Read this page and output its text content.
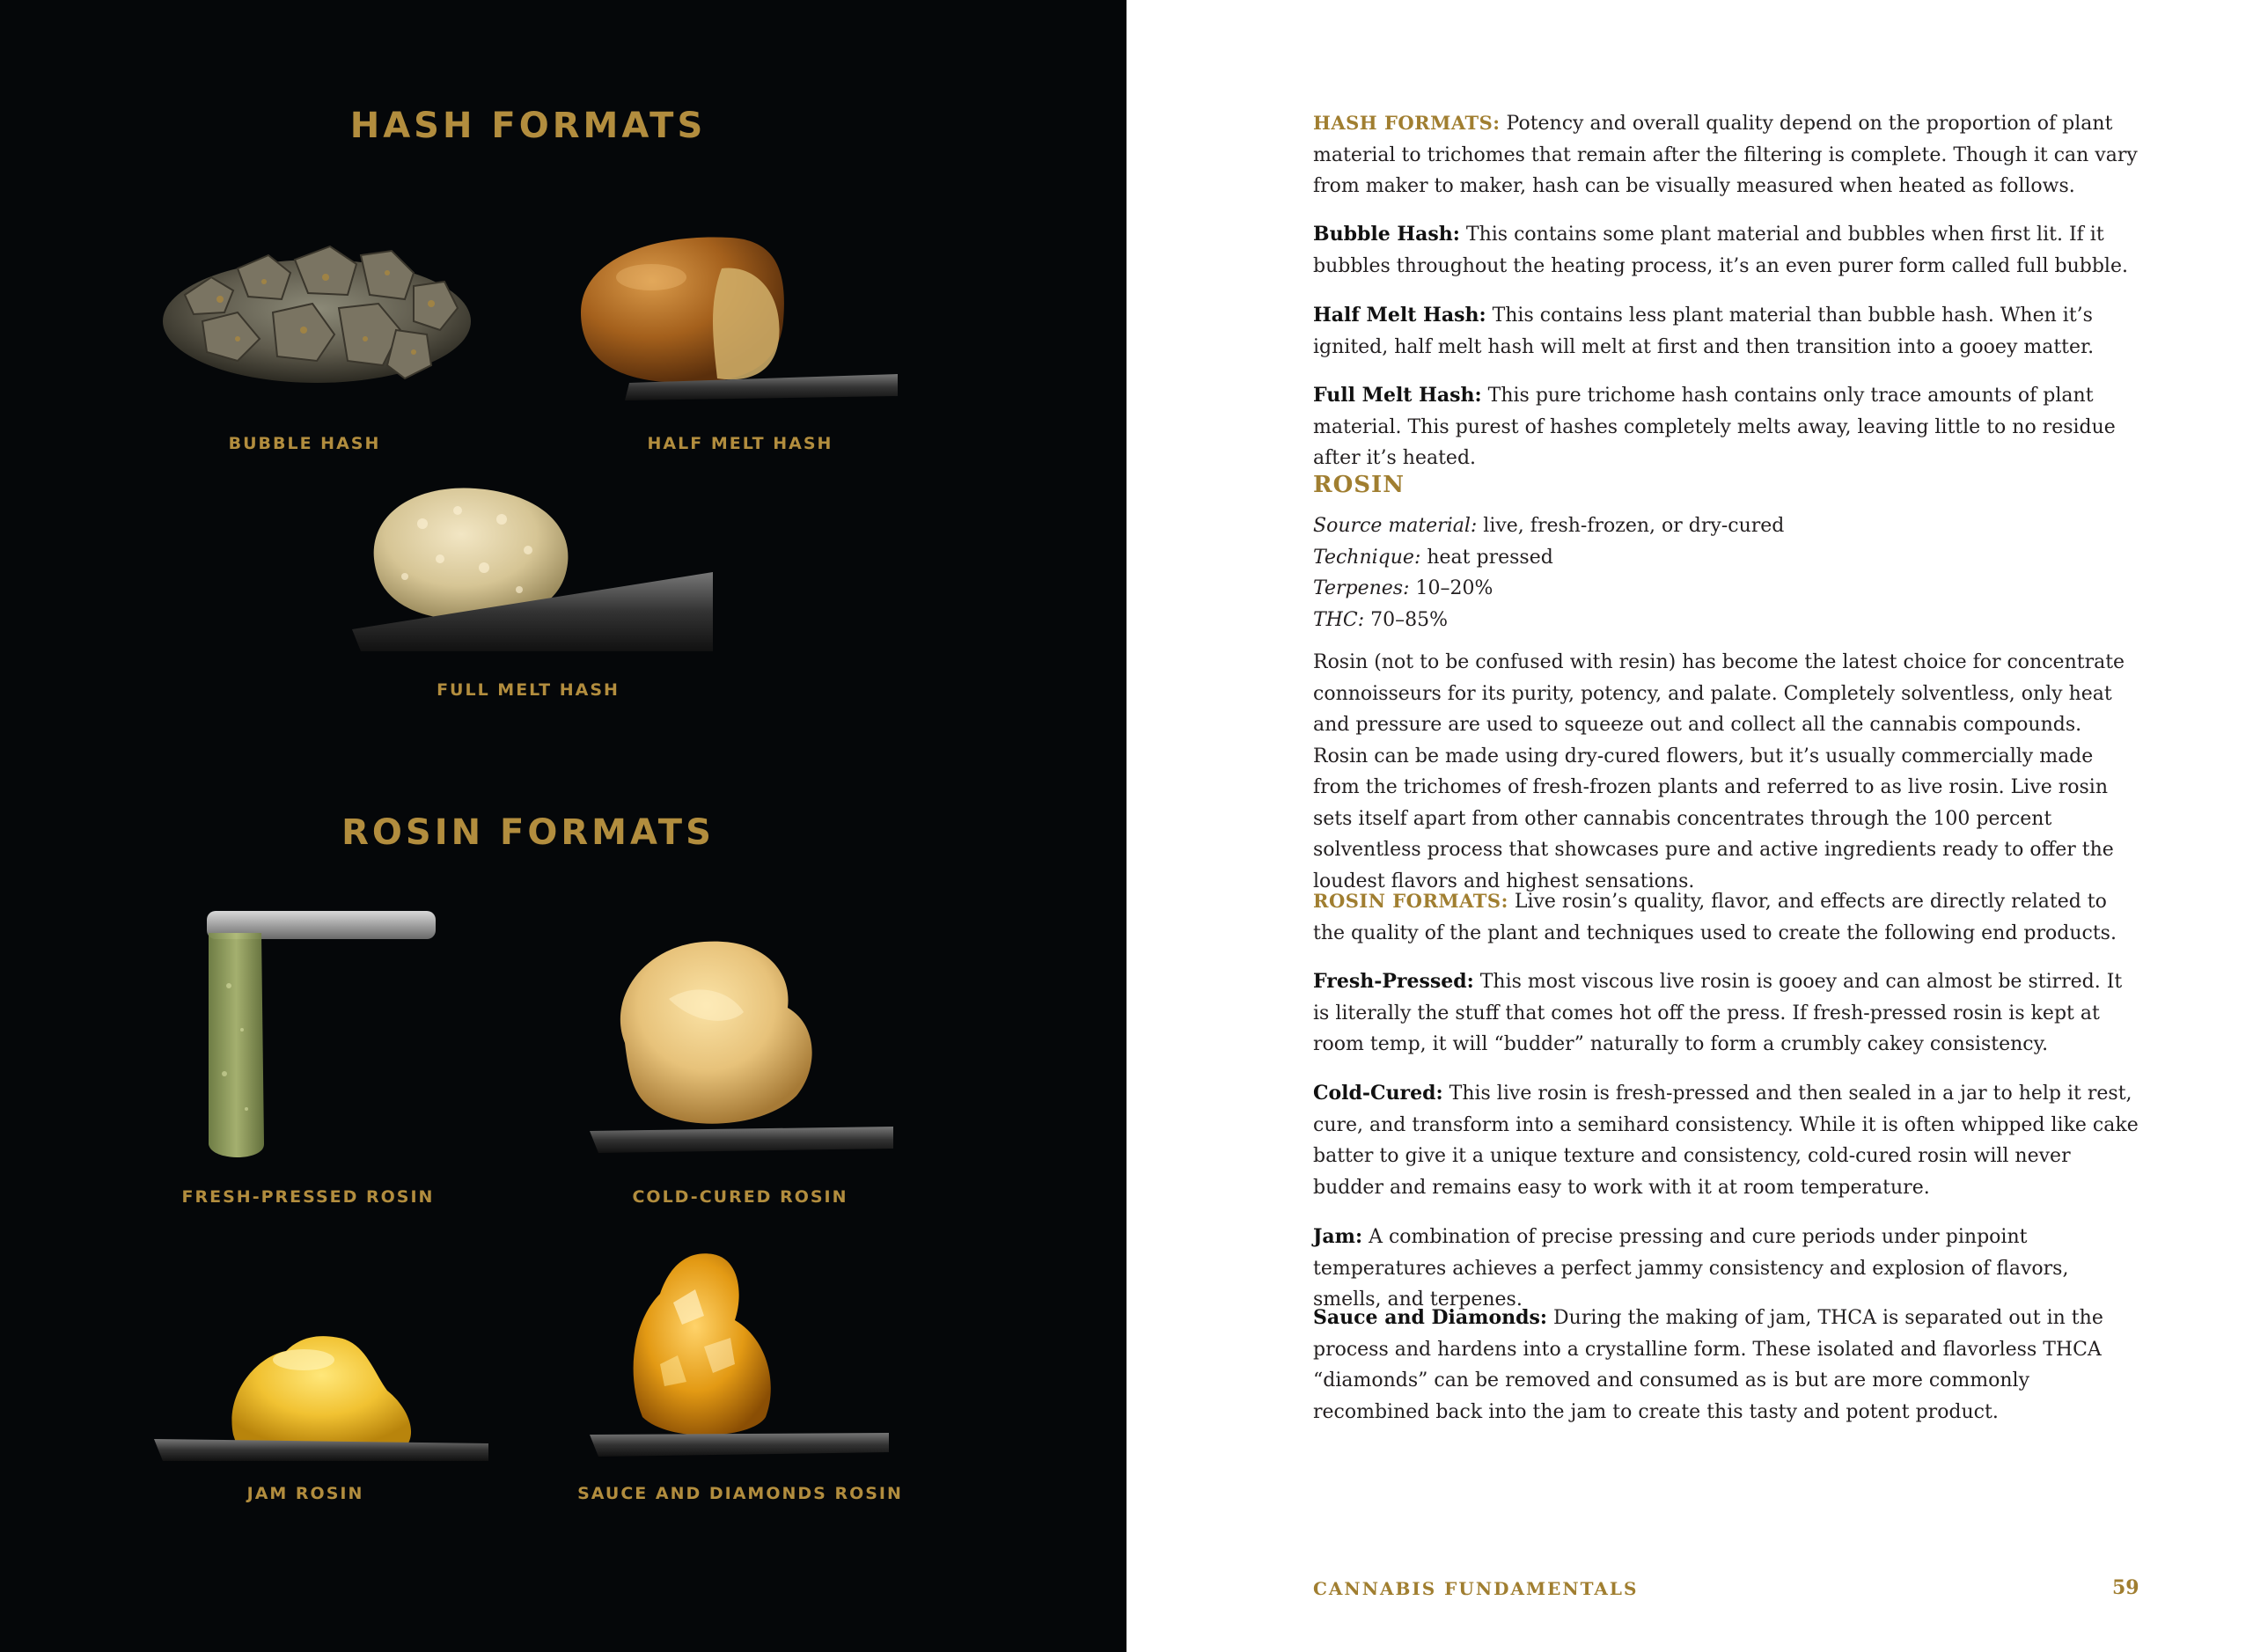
HASH FORMATS
BUBBLE HASH	HALF MELT HASH
FULL MELT HASH
ROSIN FORMATS
FRESH-PRESSED ROSIN	COLD-CURED ROSIN
JAM ROSIN	SAUCE AND DIAMONDS ROSIN

HASH FORMATS: Potency and overall quality depend on the proportion of plant material to trichomes that remain after the filtering is complete. Though it can vary from maker to maker, hash can be visually measured when heated as follows.

Bubble Hash: This contains some plant material and bubbles when first lit. If it bubbles throughout the heating process, it’s an even purer form called full bubble.

Half Melt Hash: This contains less plant material than bubble hash. When it’s ignited, half melt hash will melt at first and then transition into a gooey matter.

Full Melt Hash: This pure trichome hash contains only trace amounts of plant material. This purest of hashes completely melts away, leaving little to no residue after it’s heated.

ROSIN

Source material: live, fresh-frozen, or dry-cured

Technique: heat pressed

Terpenes: 10–20%

THC: 70–85%

Rosin (not to be confused with resin) has become the latest choice for concentrate connoisseurs for its purity, potency, and palate. Completely solventless, only heat and pressure are used to squeeze out and collect all the cannabis compounds. Rosin can be made using dry-cured flowers, but it’s usually commercially made from the trichomes of fresh-frozen plants and referred to as live rosin. Live rosin sets itself apart from other cannabis concentrates through the 100 percent solventless process that showcases pure and active ingredients ready to offer the loudest flavors and highest sensations.

ROSIN FORMATS: Live rosin’s quality, flavor, and effects are directly related to the quality of the plant and techniques used to create the following end products.

Fresh-Pressed: This most viscous live rosin is gooey and can almost be stirred. It is literally the stuff that comes hot off the press. If fresh-pressed rosin is kept at room temp, it will “budder” naturally to form a crumbly cakey consistency.

Cold-Cured: This live rosin is fresh-pressed and then sealed in a jar to help it rest, cure, and transform into a semihard consistency. While it is often whipped like cake batter to give it a unique texture and consistency, cold-cured rosin will never budder and remains easy to work with it at room temperature.

Jam: A combination of precise pressing and cure periods under pinpoint temperatures achieves a perfect jammy consistency and explosion of flavors, smells, and terpenes.

Sauce and Diamonds: During the making of jam, THCA is separated out in the process and hardens into a crystalline form. These isolated and flavorless THCA “diamonds” can be removed and consumed as is but are more commonly recombined back into the jam to create this tasty and potent product.

CANNABIS FUNDAMENTALS	59
